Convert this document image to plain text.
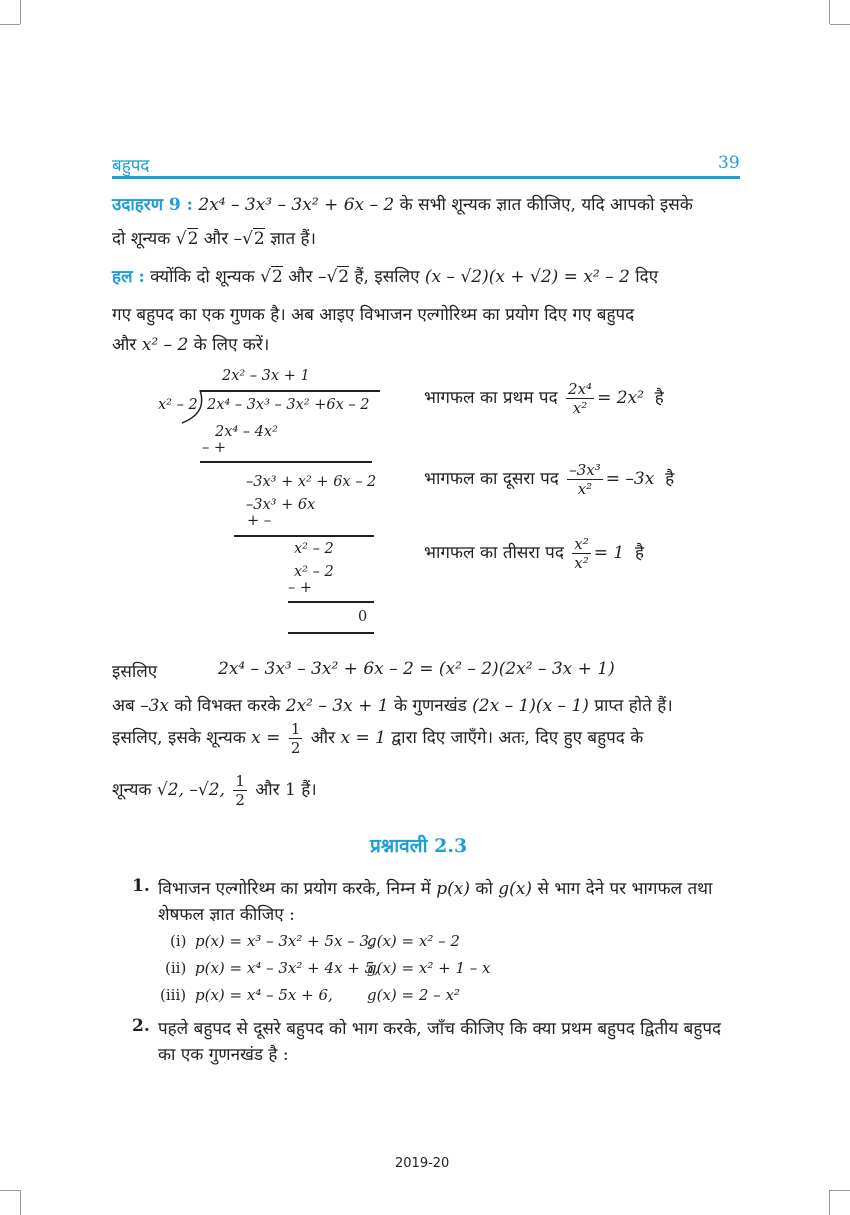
बहुपद	39
उदाहरण 9 : 2x⁴ – 3x³ – 3x² + 6x – 2 के सभी शून्यक ज्ञात कीजिए, यदि आपको इसके
दो शून्यक √2 और –√2 ज्ञात हैं।
हल : क्योंकि दो शून्यक √2 और –√2 हैं, इसलिए (x – √2)(x + √2) = x² – 2 दिए
गए बहुपद का एक गुणक है। अब आइए विभाजन एल्गोरिथ्म का प्रयोग दिए गए बहुपद
और x² – 2 के लिए करें।
2x² – 3x + 1
x² – 2 2x⁴ – 3x³ – 3x² +6x – 2
2x⁴ – 4x²
– +
–3x³ + x² + 6x – 2
–3x³ + 6x
+ –
x² – 2
x² – 2
– +
0
भागफल का प्रथम पद $\frac{\text{2x⁴}}{\text{x²}} = 2x^2$ है
भागफल का दूसरा पद $\frac{\text{–3x³}}{\text{x²}} = -3x$ है
भागफल का तीसरा पद $\frac{\text{x²}}{\text{x²}} = 1$ है
इसलिए	2x⁴ – 3x³ – 3x² + 6x – 2 = (x² – 2)(2x² – 3x + 1)
अब –3x को विभक्त करके 2x² – 3x + 1 के गुणनखंड (2x – 1)(x – 1) प्राप्त होते हैं।
इसलिए, इसके शून्यक $x = \frac{1}{2}$ और x = 1 द्वारा दिए जाएँगे। अतः, दिए हुए बहुपद के
शून्यक √2, –√2, $\frac{1}{2}$ और 1 हैं।
प्रश्नावली 2.3
1. विभाजन एल्गोरिथ्म का प्रयोग करके, निम्न में p(x) को g(x) से भाग देने पर भागफल तथा
शेषफल ज्ञात कीजिए :
(i) p(x) = x³ – 3x² + 5x – 3,
g(x) = x² – 2
(ii) p(x) = x⁴ – 3x² + 4x + 5,
g(x) = x² + 1 – x
(iii) p(x) = x⁴ – 5x + 6, g(x) = 2 – x²
2. पहले बहुपद से दूसरे बहुपद को भाग करके, जाँच कीजिए कि क्या प्रथम बहुपद द्वितीय बहुपद
का एक गुणनखंड है :
2019-20
